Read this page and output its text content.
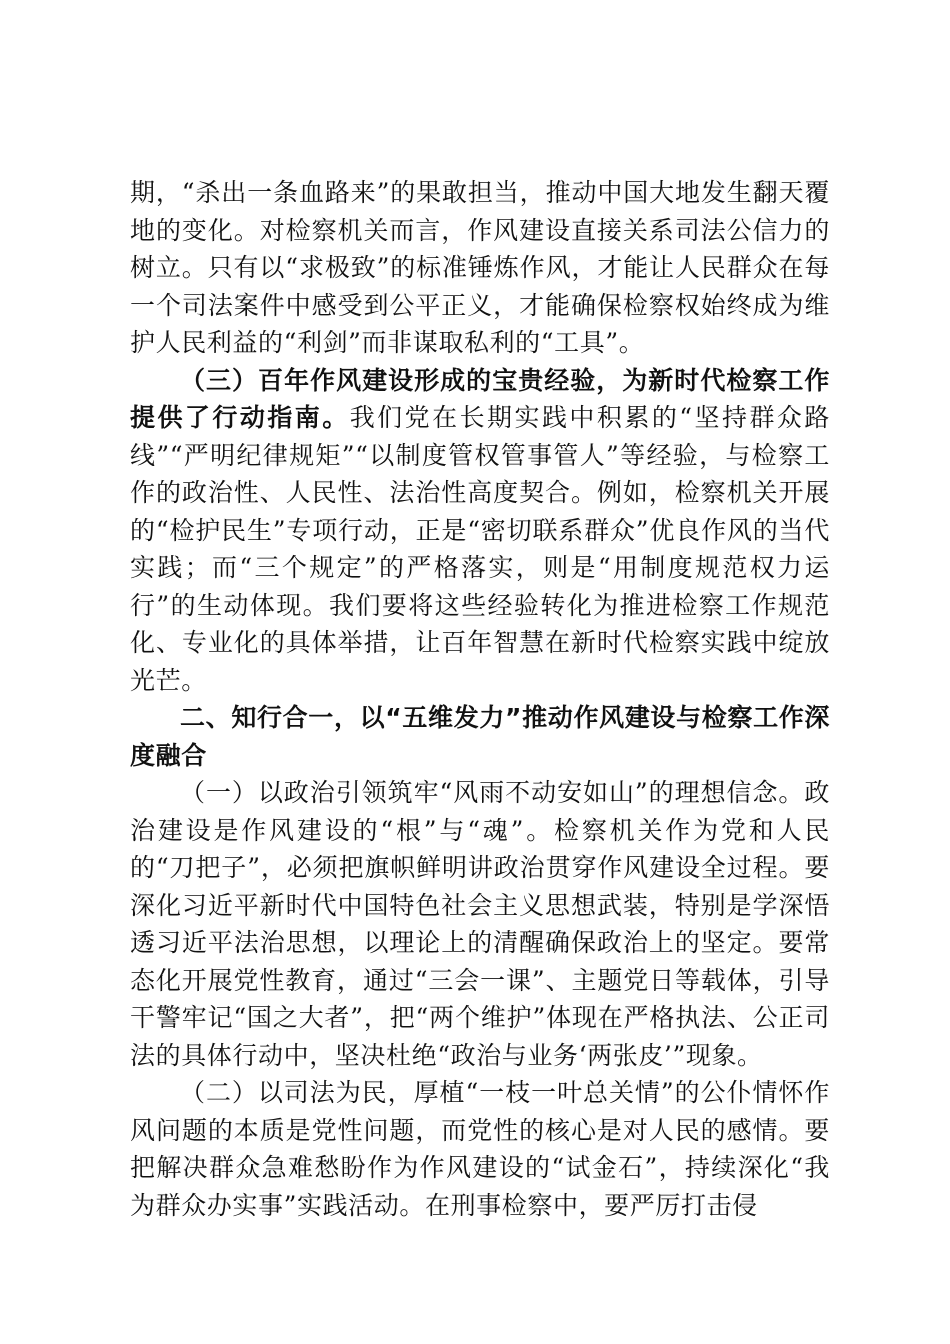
期，“杀出一条血路来”的果敢担当，推动中国大地发生翻天覆地的变化。对检察机关而言，作风建设直接关系司法公信力的树立。只有以“求极致”的标准锤炼作风，才能让人民群众在每一个司法案件中感受到公平正义，才能确保检察权始终成为维护人民利益的“利剑”而非谋取私利的“工具”。

（三）百年作风建设形成的宝贵经验，为新时代检察工作提供了行动指南。我们党在长期实践中积累的“坚持群众路线”“严明纪律规矩”“以制度管权管事管人”等经验，与检察工作的政治性、人民性、法治性高度契合。例如，检察机关开展的“检护民生”专项行动，正是“密切联系群众”优良作风的当代实践；而“三个规定”的严格落实，则是“用制度规范权力运行”的生动体现。我们要将这些经验转化为推进检察工作规范化、专业化的具体举措，让百年智慧在新时代检察实践中绽放光芒。

二、知行合一，以“五维发力”推动作风建设与检察工作深度融合

（一）以政治引领筑牢“风雨不动安如山”的理想信念。政治建设是作风建设的“根”与“魂”。检察机关作为党和人民的“刀把子”，必须把旗帜鲜明讲政治贯穿作风建设全过程。要深化习近平新时代中国特色社会主义思想武装，特别是学深悟透习近平法治思想，以理论上的清醒确保政治上的坚定。要常态化开展党性教育，通过“三会一课”、主题党日等载体，引导干警牢记“国之大者”，把“两个维护”体现在严格执法、公正司法的具体行动中，坚决杜绝“政治与业务‘两张皮’”现象。

（二）以司法为民，厚植“一枝一叶总关情”的公仆情怀作风问题的本质是党性问题，而党性的核心是对人民的感情。要把解决群众急难愁盼作为作风建设的“试金石”，持续深化“我为群众办实事”实践活动。在刑事检察中，要严厉打击侵
